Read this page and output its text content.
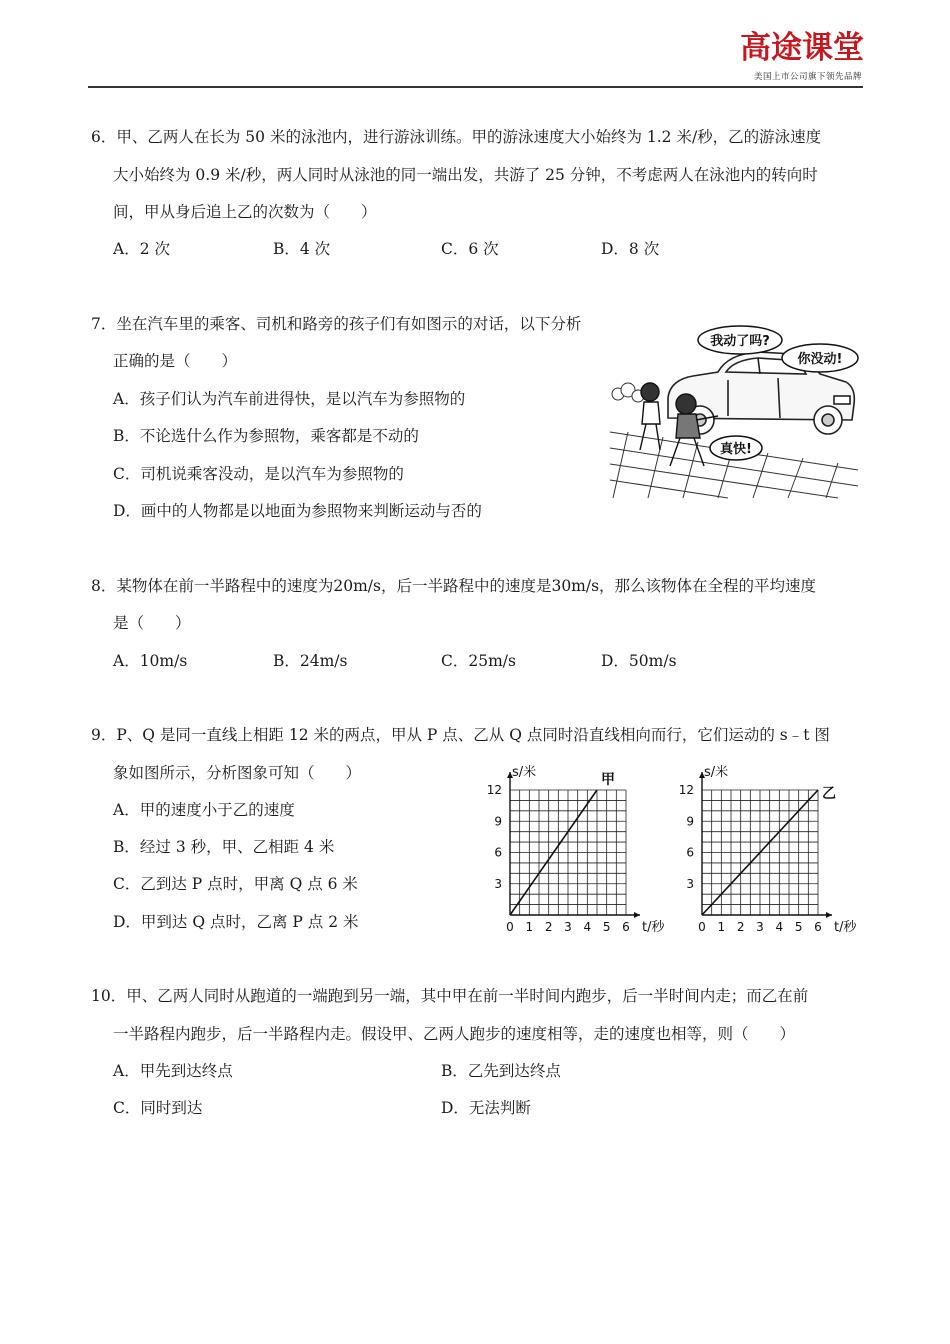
高途课堂
美国上市公司旗下领先品牌
6．甲、乙两人在长为 50 米的泳池内，进行游泳训练。甲的游泳速度大小始终为 1.2 米/秒，乙的游泳速度
大小始终为 0.9 米/秒，两人同时从泳池的同一端出发，共游了 25 分钟，不考虑两人在泳池内的转向时
间，甲从身后追上乙的次数为（　　）
A．2 次	B．4 次	C．6 次	D．8 次
7．坐在汽车里的乘客、司机和路旁的孩子们有如图示的对话，以下分析
正确的是（　　）
A．孩子们认为汽车前进得快，是以汽车为参照物的
B．不论选什么作为参照物，乘客都是不动的
C．司机说乘客没动，是以汽车为参照物的
D．画中的人物都是以地面为参照物来判断运动与否的
我动了吗?
你没动!
真快!
8．某物体在前一半路程中的速度为20m/s，后一半路程中的速度是30m/s，那么该物体在全程的平均速度
是（　　）
A．10m/s	B．24m/s	C．25m/s	D．50m/s
9．P、Q 是同一直线上相距 12 米的两点，甲从 P 点、乙从 Q 点同时沿直线相向而行，它们运动的 s﹣t 图
象如图所示，分析图象可知（　　）
A．甲的速度小于乙的速度
B．经过 3 秒，甲、乙相距 4 米
C．乙到达 P 点时，甲离 Q 点 6 米
D．甲到达 Q 点时，乙离 P 点 2 米	0 1 2 3 4 5 6
3
6
9
12
s/米
t/秒
甲
0 1 2 3 4 5 6
3
6
9
12
s/米
t/秒
乙
10．甲、乙两人同时从跑道的一端跑到另一端，其中甲在前一半时间内跑步，后一半时间内走；而乙在前
一半路程内跑步，后一半路程内走。假设甲、乙两人跑步的速度相等，走的速度也相等，则（　　）
A．甲先到达终点	B．乙先到达终点
C．同时到达	D．无法判断
